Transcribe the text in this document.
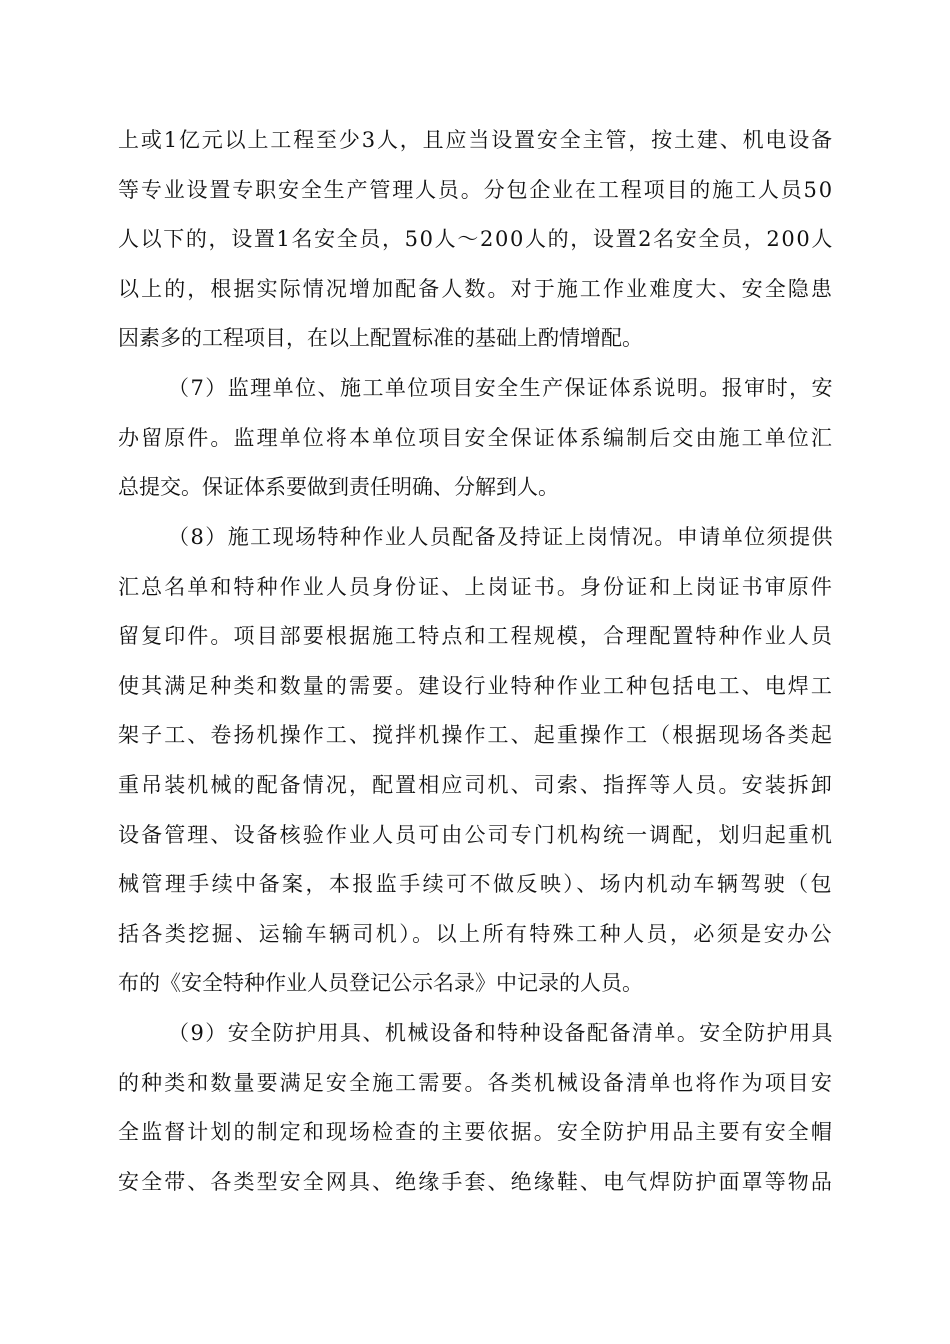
上或1亿元以上工程至少3人，且应当设置安全主管，按土建、机电设备
等专业设置专职安全生产管理人员。分包企业在工程项目的施工人员50
人以下的，设置1名安全员，50人～200人的，设置2名安全员，200人
以上的，根据实际情况增加配备人数。对于施工作业难度大、安全隐患
因素多的工程项目，在以上配置标准的基础上酌情增配。
（7）监理单位、施工单位项目安全生产保证体系说明。报审时，安
办留原件。监理单位将本单位项目安全保证体系编制后交由施工单位汇
总提交。保证体系要做到责任明确、分解到人。
（8）施工现场特种作业人员配备及持证上岗情况。申请单位须提供
汇总名单和特种作业人员身份证、上岗证书。身份证和上岗证书审原件
留复印件。项目部要根据施工特点和工程规模，合理配置特种作业人员
使其满足种类和数量的需要。建设行业特种作业工种包括电工、电焊工
架子工、卷扬机操作工、搅拌机操作工、起重操作工（根据现场各类起
重吊装机械的配备情况，配置相应司机、司索、指挥等人员。安装拆卸
设备管理、设备核验作业人员可由公司专门机构统一调配，划归起重机
械管理手续中备案，本报监手续可不做反映）、场内机动车辆驾驶（包
括各类挖掘、运输车辆司机）。以上所有特殊工种人员，必须是安办公
布的《安全特种作业人员登记公示名录》中记录的人员。
（9）安全防护用具、机械设备和特种设备配备清单。安全防护用具
的种类和数量要满足安全施工需要。各类机械设备清单也将作为项目安
全监督计划的制定和现场检查的主要依据。安全防护用品主要有安全帽
安全带、各类型安全网具、绝缘手套、绝缘鞋、电气焊防护面罩等物品
